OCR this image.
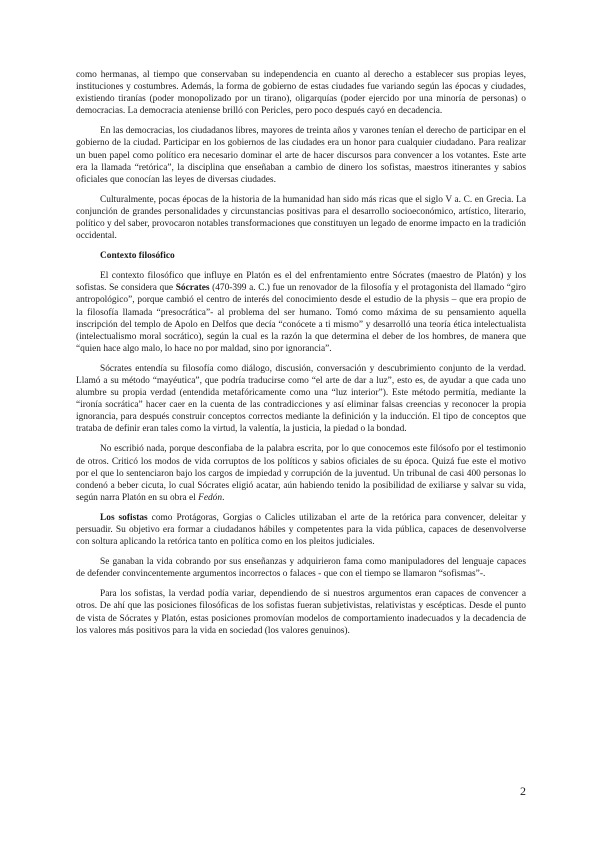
como hermanas, al tiempo que conservaban su independencia en cuanto al derecho a establecer sus propias leyes, instituciones y costumbres. Además, la forma de gobierno de estas ciudades fue variando según las épocas y ciudades, existiendo tiranías (poder monopolizado por un tirano), oligarquías (poder ejercido por una minoría de personas) o democracias. La democracia ateniense brilló con Pericles, pero poco después cayó en decadencia.

En las democracias, los ciudadanos libres, mayores de treinta años y varones tenían el derecho de participar en el gobierno de la ciudad. Participar en los gobiernos de las ciudades era un honor para cualquier ciudadano. Para realizar un buen papel como político era necesario dominar el arte de hacer discursos para convencer a los votantes. Este arte era la llamada “retórica”, la disciplina que enseñaban a cambio de dinero los sofistas, maestros itinerantes y sabios oficiales que conocían las leyes de diversas ciudades.

Culturalmente, pocas épocas de la historia de la humanidad han sido más ricas que el siglo V a. C. en Grecia. La conjunción de grandes personalidades y circunstancias positivas para el desarrollo socioeconómico, artístico, literario, político y del saber, provocaron notables transformaciones que constituyen un legado de enorme impacto en la tradición occidental.

Contexto filosófico

El contexto filosófico que influye en Platón es el del enfrentamiento entre Sócrates (maestro de Platón) y los sofistas. Se considera que Sócrates (470-399 a. C.) fue un renovador de la filosofía y el protagonista del llamado “giro antropológico”, porque cambió el centro de interés del conocimiento desde el estudio de la physis – que era propio de la filosofía llamada “presocrática”- al problema del ser humano. Tomó como máxima de su pensamiento aquella inscripción del templo de Apolo en Delfos que decía “conócete a ti mismo” y desarrolló una teoría ética intelectualista (intelectualismo moral socrático), según la cual es la razón la que determina el deber de los hombres, de manera que “quien hace algo malo, lo hace no por maldad, sino por ignorancia”.

Sócrates entendía su filosofía como diálogo, discusión, conversación y descubrimiento conjunto de la verdad. Llamó a su método “mayéutica”, que podría traducirse como “el arte de dar a luz”, esto es, de ayudar a que cada uno alumbre su propia verdad (entendida metafóricamente como una “luz interior”). Este método permitía, mediante la “ironía socrática” hacer caer en la cuenta de las contradicciones y así eliminar falsas creencias y reconocer la propia ignorancia, para después construir conceptos correctos mediante la definición y la inducción. El tipo de conceptos que trataba de definir eran tales como la virtud, la valentía, la justicia, la piedad o la bondad.

No escribió nada, porque desconfiaba de la palabra escrita, por lo que conocemos este filósofo por el testimonio de otros. Criticó los modos de vida corruptos de los políticos y sabios oficiales de su época. Quizá fue este el motivo por el que lo sentenciaron bajo los cargos de impiedad y corrupción de la juventud. Un tribunal de casi 400 personas lo condenó a beber cicuta, lo cual Sócrates eligió acatar, aún habiendo tenido la posibilidad de exiliarse y salvar su vida, según narra Platón en su obra el Fedón.

Los sofistas como Protágoras, Gorgias o Calicles utilizaban el arte de la retórica para convencer, deleitar y persuadir. Su objetivo era formar a ciudadanos hábiles y competentes para la vida pública, capaces de desenvolverse con soltura aplicando la retórica tanto en política como en los pleitos judiciales.

Se ganaban la vida cobrando por sus enseñanzas y adquirieron fama como manipuladores del lenguaje capaces de defender convincentemente argumentos incorrectos o falaces - que con el tiempo se llamaron “sofismas”-.

Para los sofistas, la verdad podía variar, dependiendo de si nuestros argumentos eran capaces de convencer a otros. De ahí que las posiciones filosóficas de los sofistas fueran subjetivistas, relativistas y escépticas. Desde el punto de vista de Sócrates y Platón, estas posiciones promovían modelos de comportamiento inadecuados y la decadencia de los valores más positivos para la vida en sociedad (los valores genuinos).

2
